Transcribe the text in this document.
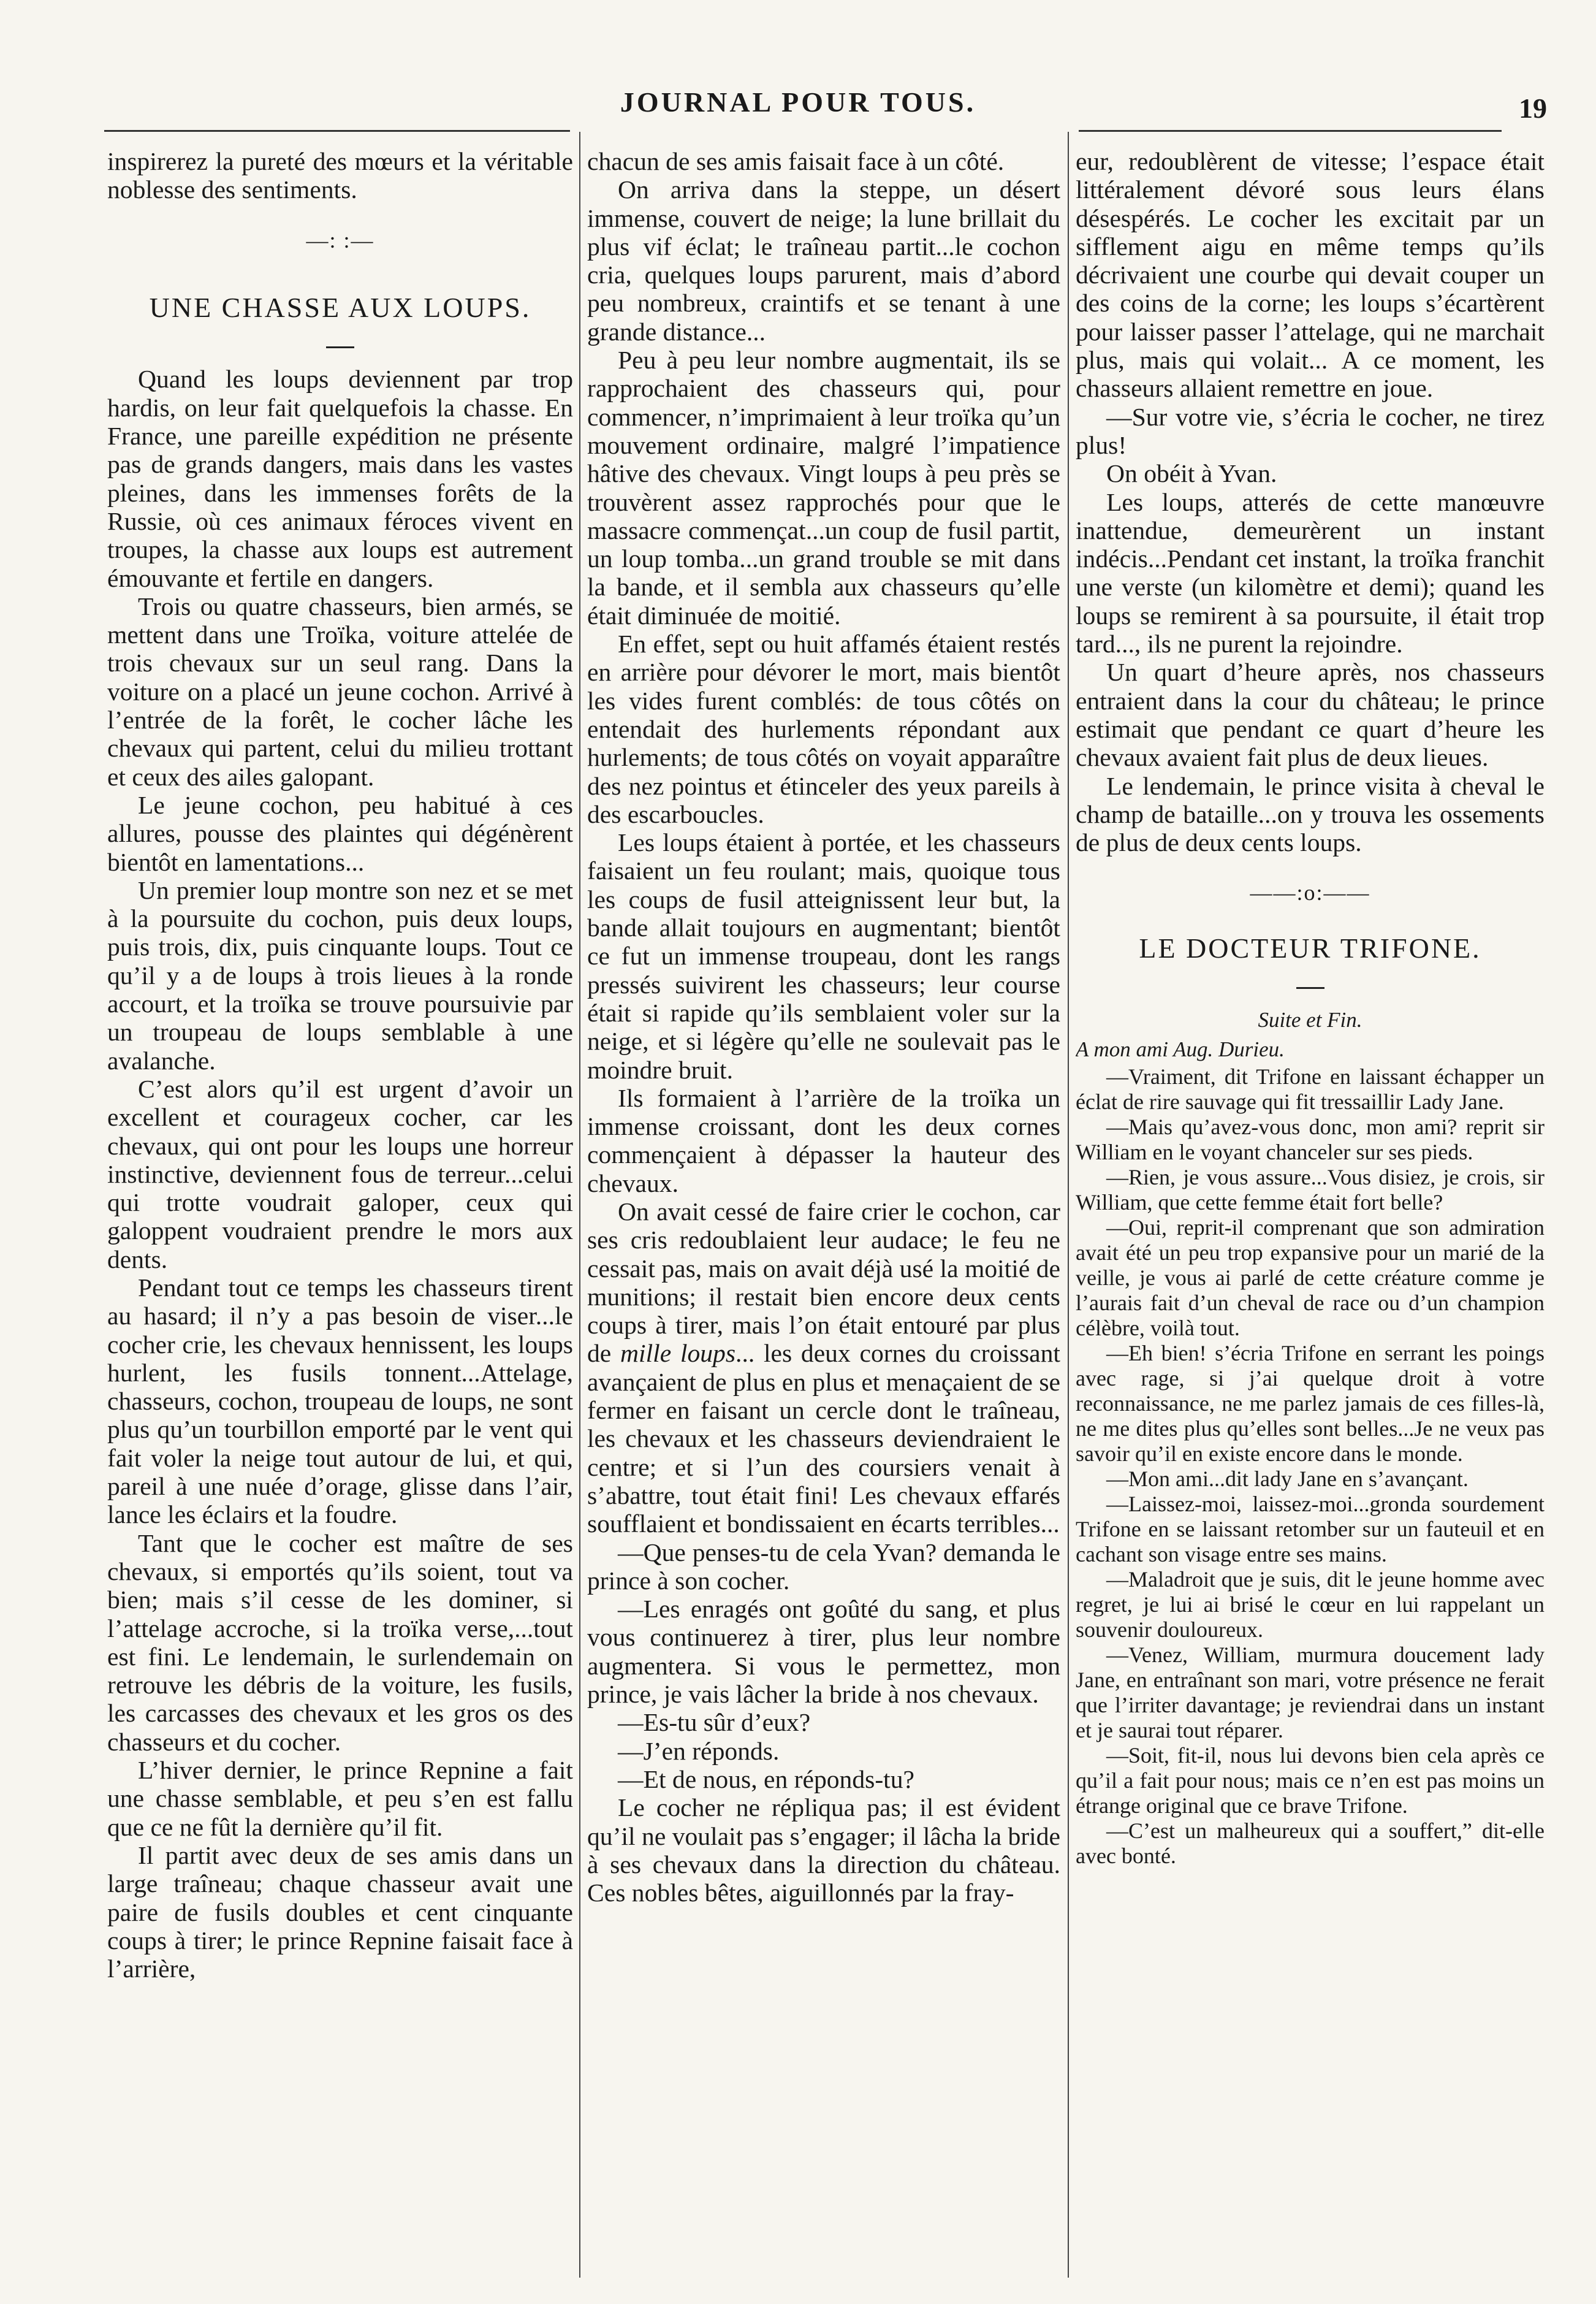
JOURNAL POUR TOUS.	19

inspirerez la pureté des mœurs et la véritable noblesse des sentiments.

—: :—
UNE CHASSE AUX LOUPS.

Quand les loups deviennent par trop hardis, on leur fait quelquefois la chasse. En France, une pareille expédition ne présente pas de grands dangers, mais dans les vastes pleines, dans les immenses forêts de la Russie, où ces animaux féroces vivent en troupes, la chasse aux loups est autrement émouvante et fertile en dangers.

Trois ou quatre chasseurs, bien armés, se mettent dans une Troïka, voiture attelée de trois chevaux sur un seul rang. Dans la voiture on a placé un jeune cochon. Arrivé à l’entrée de la forêt, le cocher lâche les chevaux qui partent, celui du milieu trottant et ceux des ailes galopant.

Le jeune cochon, peu habitué à ces allures, pousse des plaintes qui dégénèrent bientôt en lamentations...

Un premier loup montre son nez et se met à la poursuite du cochon, puis deux loups, puis trois, dix, puis cinquante loups. Tout ce qu’il y a de loups à trois lieues à la ronde accourt, et la troïka se trouve poursuivie par un troupeau de loups semblable à une avalanche.

C’est alors qu’il est urgent d’avoir un excellent et courageux cocher, car les chevaux, qui ont pour les loups une horreur instinctive, deviennent fous de terreur...celui qui trotte voudrait galoper, ceux qui galoppent voudraient prendre le mors aux dents.

Pendant tout ce temps les chasseurs tirent au hasard; il n’y a pas besoin de viser...le cocher crie, les chevaux hennissent, les loups hurlent, les fusils tonnent...Attelage, chasseurs, cochon, troupeau de loups, ne sont plus qu’un tourbillon emporté par le vent qui fait voler la neige tout autour de lui, et qui, pareil à une nuée d’orage, glisse dans l’air, lance les éclairs et la foudre.

Tant que le cocher est maître de ses chevaux, si emportés qu’ils soient, tout va bien; mais s’il cesse de les dominer, si l’attelage accroche, si la troïka verse,...tout est fini. Le lendemain, le surlendemain on retrouve les débris de la voiture, les fusils, les carcasses des chevaux et les gros os des chasseurs et du cocher.

L’hiver dernier, le prince Repnine a fait une chasse semblable, et peu s’en est fallu que ce ne fût la dernière qu’il fit.

Il partit avec deux de ses amis dans un large traîneau; chaque chasseur avait une paire de fusils doubles et cent cinquante coups à tirer; le prince Repnine faisait face à l’arrière,

chacun de ses amis faisait face à un côté.

On arriva dans la steppe, un désert immense, couvert de neige; la lune brillait du plus vif éclat; le traîneau partit...le cochon cria, quelques loups parurent, mais d’abord peu nombreux, craintifs et se tenant à une grande distance...

Peu à peu leur nombre augmentait, ils se rapprochaient des chasseurs qui, pour commencer, n’imprimaient à leur troïka qu’un mouvement ordinaire, malgré l’impatience hâtive des chevaux. Vingt loups à peu près se trouvèrent assez rapprochés pour que le massacre commençat...un coup de fusil partit, un loup tomba...un grand trouble se mit dans la bande, et il sembla aux chasseurs qu’elle était diminuée de moitié.

En effet, sept ou huit affamés étaient restés en arrière pour dévorer le mort, mais bientôt les vides furent comblés: de tous côtés on entendait des hurlements répondant aux hurlements; de tous côtés on voyait apparaître des nez pointus et étinceler des yeux pareils à des escarboucles.

Les loups étaient à portée, et les chasseurs faisaient un feu roulant; mais, quoique tous les coups de fusil atteignissent leur but, la bande allait toujours en augmentant; bientôt ce fut un immense troupeau, dont les rangs pressés suivirent les chasseurs; leur course était si rapide qu’ils semblaient voler sur la neige, et si légère qu’elle ne soulevait pas le moindre bruit.

Ils formaient à l’arrière de la troïka un immense croissant, dont les deux cornes commençaient à dépasser la hauteur des chevaux.

On avait cessé de faire crier le cochon, car ses cris redoublaient leur audace; le feu ne cessait pas, mais on avait déjà usé la moitié de munitions; il restait bien encore deux cents coups à tirer, mais l’on était entouré par plus de mille loups... les deux cornes du croissant avançaient de plus en plus et menaçaient de se fermer en faisant un cercle dont le traîneau, les chevaux et les chasseurs deviendraient le centre; et si l’un des coursiers venait à s’abattre, tout était fini! Les chevaux effarés soufflaient et bondissaient en écarts terribles...

—Que penses-tu de cela Yvan? demanda le prince à son cocher.

—Les enragés ont goûté du sang, et plus vous continuerez à tirer, plus leur nombre augmentera. Si vous le permettez, mon prince, je vais lâcher la bride à nos chevaux.

—Es-tu sûr d’eux?

—J’en réponds.

—Et de nous, en réponds-tu?

Le cocher ne répliqua pas; il est évident qu’il ne voulait pas s’engager; il lâcha la bride à ses chevaux dans la direction du château. Ces nobles bêtes, aiguillonnés par la fray-

eur, redoublèrent de vitesse; l’espace était littéralement dévoré sous leurs élans désespérés. Le cocher les excitait par un sifflement aigu en même temps qu’ils décrivaient une courbe qui devait couper un des coins de la corne; les loups s’écartèrent pour laisser passer l’attelage, qui ne marchait plus, mais qui volait... A ce moment, les chasseurs allaient remettre en joue.

—Sur votre vie, s’écria le cocher, ne tirez plus!

On obéit à Yvan.

Les loups, atterés de cette manœuvre inattendue, demeurèrent un instant indécis...Pendant cet instant, la troïka franchit une verste (un kilomètre et demi); quand les loups se remirent à sa poursuite, il était trop tard..., ils ne purent la rejoindre.

Un quart d’heure après, nos chasseurs entraient dans la cour du château; le prince estimait que pendant ce quart d’heure les chevaux avaient fait plus de deux lieues.

Le lendemain, le prince visita à cheval le champ de bataille...on y trouva les ossements de plus de deux cents loups.

——:o:——
LE DOCTEUR TRIFONE.

Suite et Fin.

A mon ami Aug. Durieu.

—Vraiment, dit Trifone en laissant échapper un éclat de rire sauvage qui fit tressaillir Lady Jane.

—Mais qu’avez-vous donc, mon ami? reprit sir William en le voyant chanceler sur ses pieds.

—Rien, je vous assure...Vous disiez, je crois, sir William, que cette femme était fort belle?

—Oui, reprit-il comprenant que son admiration avait été un peu trop expansive pour un marié de la veille, je vous ai parlé de cette créature comme je l’aurais fait d’un cheval de race ou d’un champion célèbre, voilà tout.

—Eh bien! s’écria Trifone en serrant les poings avec rage, si j’ai quelque droit à votre reconnaissance, ne me parlez jamais de ces filles-là, ne me dites plus qu’elles sont belles...Je ne veux pas savoir qu’il en existe encore dans le monde.

—Mon ami...dit lady Jane en s’avançant.

—Laissez-moi, laissez-moi...gronda sourdement Trifone en se laissant retomber sur un fauteuil et en cachant son visage entre ses mains.

—Maladroit que je suis, dit le jeune homme avec regret, je lui ai brisé le cœur en lui rappelant un souvenir douloureux.

—Venez, William, murmura doucement lady Jane, en entraînant son mari, votre présence ne ferait que l’irriter davantage; je reviendrai dans un instant et je saurai tout réparer.

—Soit, fit-il, nous lui devons bien cela après ce qu’il a fait pour nous; mais ce n’en est pas moins un étrange original que ce brave Trifone.

—C’est un malheureux qui a souffert,” dit-elle avec bonté.
